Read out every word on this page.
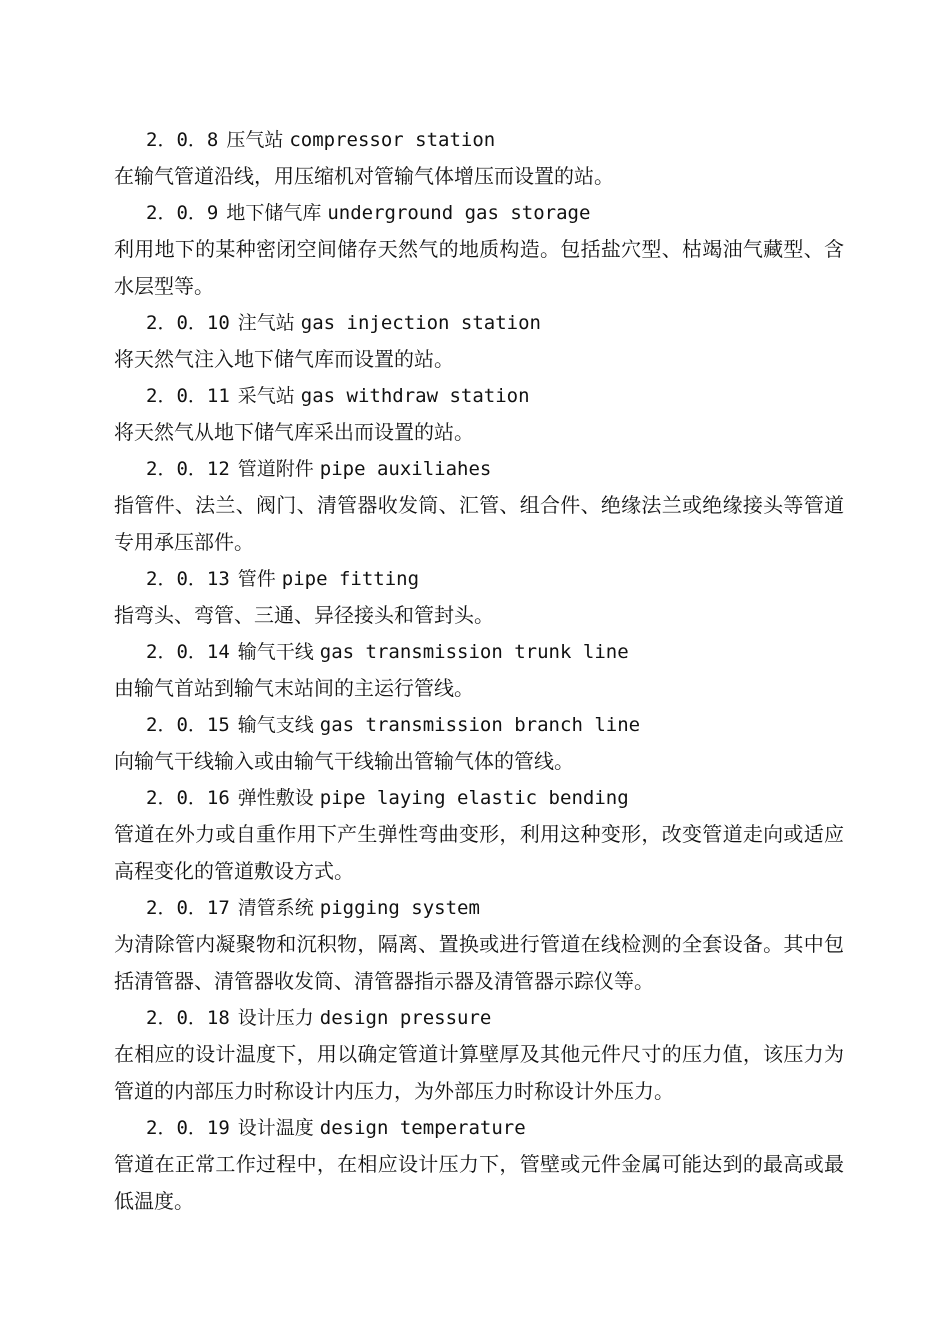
2．0．8 压气站 compressor station

在输气管道沿线，用压缩机对管输气体增压而设置的站。

2．0．9 地下储气库 underground gas storage

利用地下的某种密闭空间储存天然气的地质构造。包括盐穴型、枯竭油气藏型、含水层型等。

2．0．10 注气站 gas injection station

将天然气注入地下储气库而设置的站。

2．0．11 采气站 gas withdraw station

将天然气从地下储气库采出而设置的站。

2．0．12 管道附件 pipe auxiliahes

指管件、法兰、阀门、清管器收发筒、汇管、组合件、绝缘法兰或绝缘接头等管道专用承压部件。

2．0．13 管件 pipe fitting

指弯头、弯管、三通、异径接头和管封头。

2．0．14 输气干线 gas transmission trunk line

由输气首站到输气末站间的主运行管线。

2．0．15 输气支线 gas transmission branch line

向输气干线输入或由输气干线输出管输气体的管线。

2．0．16 弹性敷设 pipe laying elastic bending

管道在外力或自重作用下产生弹性弯曲变形，利用这种变形，改变管道走向或适应高程变化的管道敷设方式。

2．0．17 清管系统 pigging system

为清除管内凝聚物和沉积物，隔离、置换或进行管道在线检测的全套设备。其中包括清管器、清管器收发筒、清管器指示器及清管器示踪仪等。

2．0．18 设计压力 design pressure

在相应的设计温度下，用以确定管道计算壁厚及其他元件尺寸的压力值，该压力为管道的内部压力时称设计内压力，为外部压力时称设计外压力。

2．0．19 设计温度 design temperature

管道在正常工作过程中，在相应设计压力下，管壁或元件金属可能达到的最高或最低温度。
